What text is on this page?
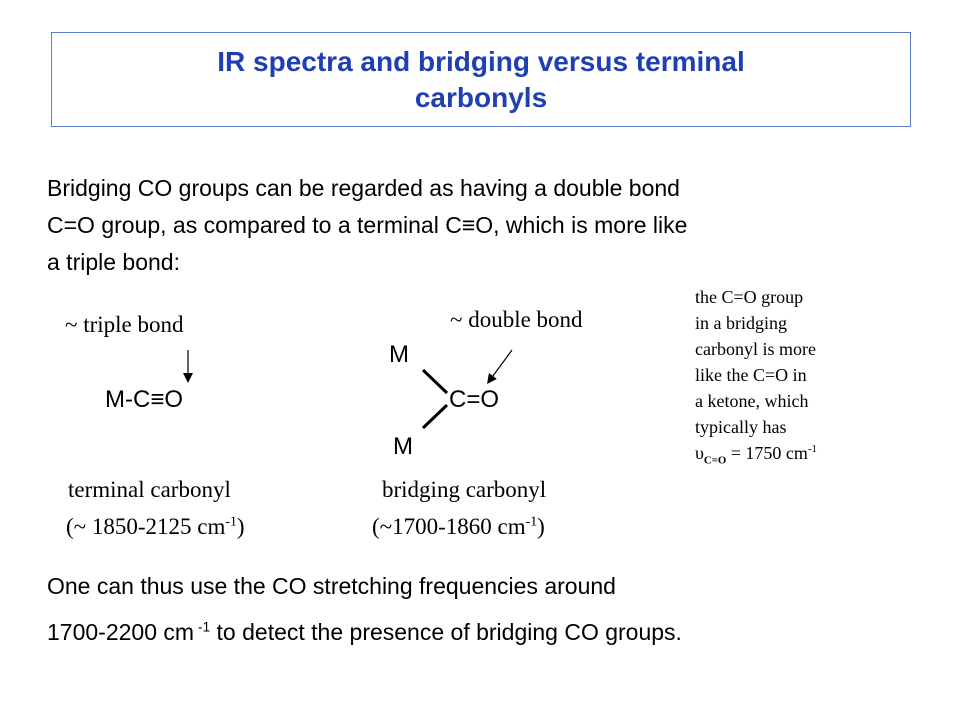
IR spectra and bridging versus terminal
carbonyls
Bridging CO groups can be regarded as having a double bond
C=O group, as compared to a terminal C≡O, which is more like
a triple bond:
~ triple bond
M-C≡O
~ double bond
M
C=O
M
terminal carbonyl
(~ 1850-2125 $cm^{-1}$)
bridging carbonyl
(~1700-1860 $cm^{-1}$)
the C=O group
in a bridging
carbonyl is more
like the C=O in
a ketone, which
typically has
$\upsilon_{C=O} = 1750$ $cm^{-1}$
One can thus use the CO stretching frequencies around
1700-2200 cm $^{-1}$ to detect the presence of bridging CO groups.
